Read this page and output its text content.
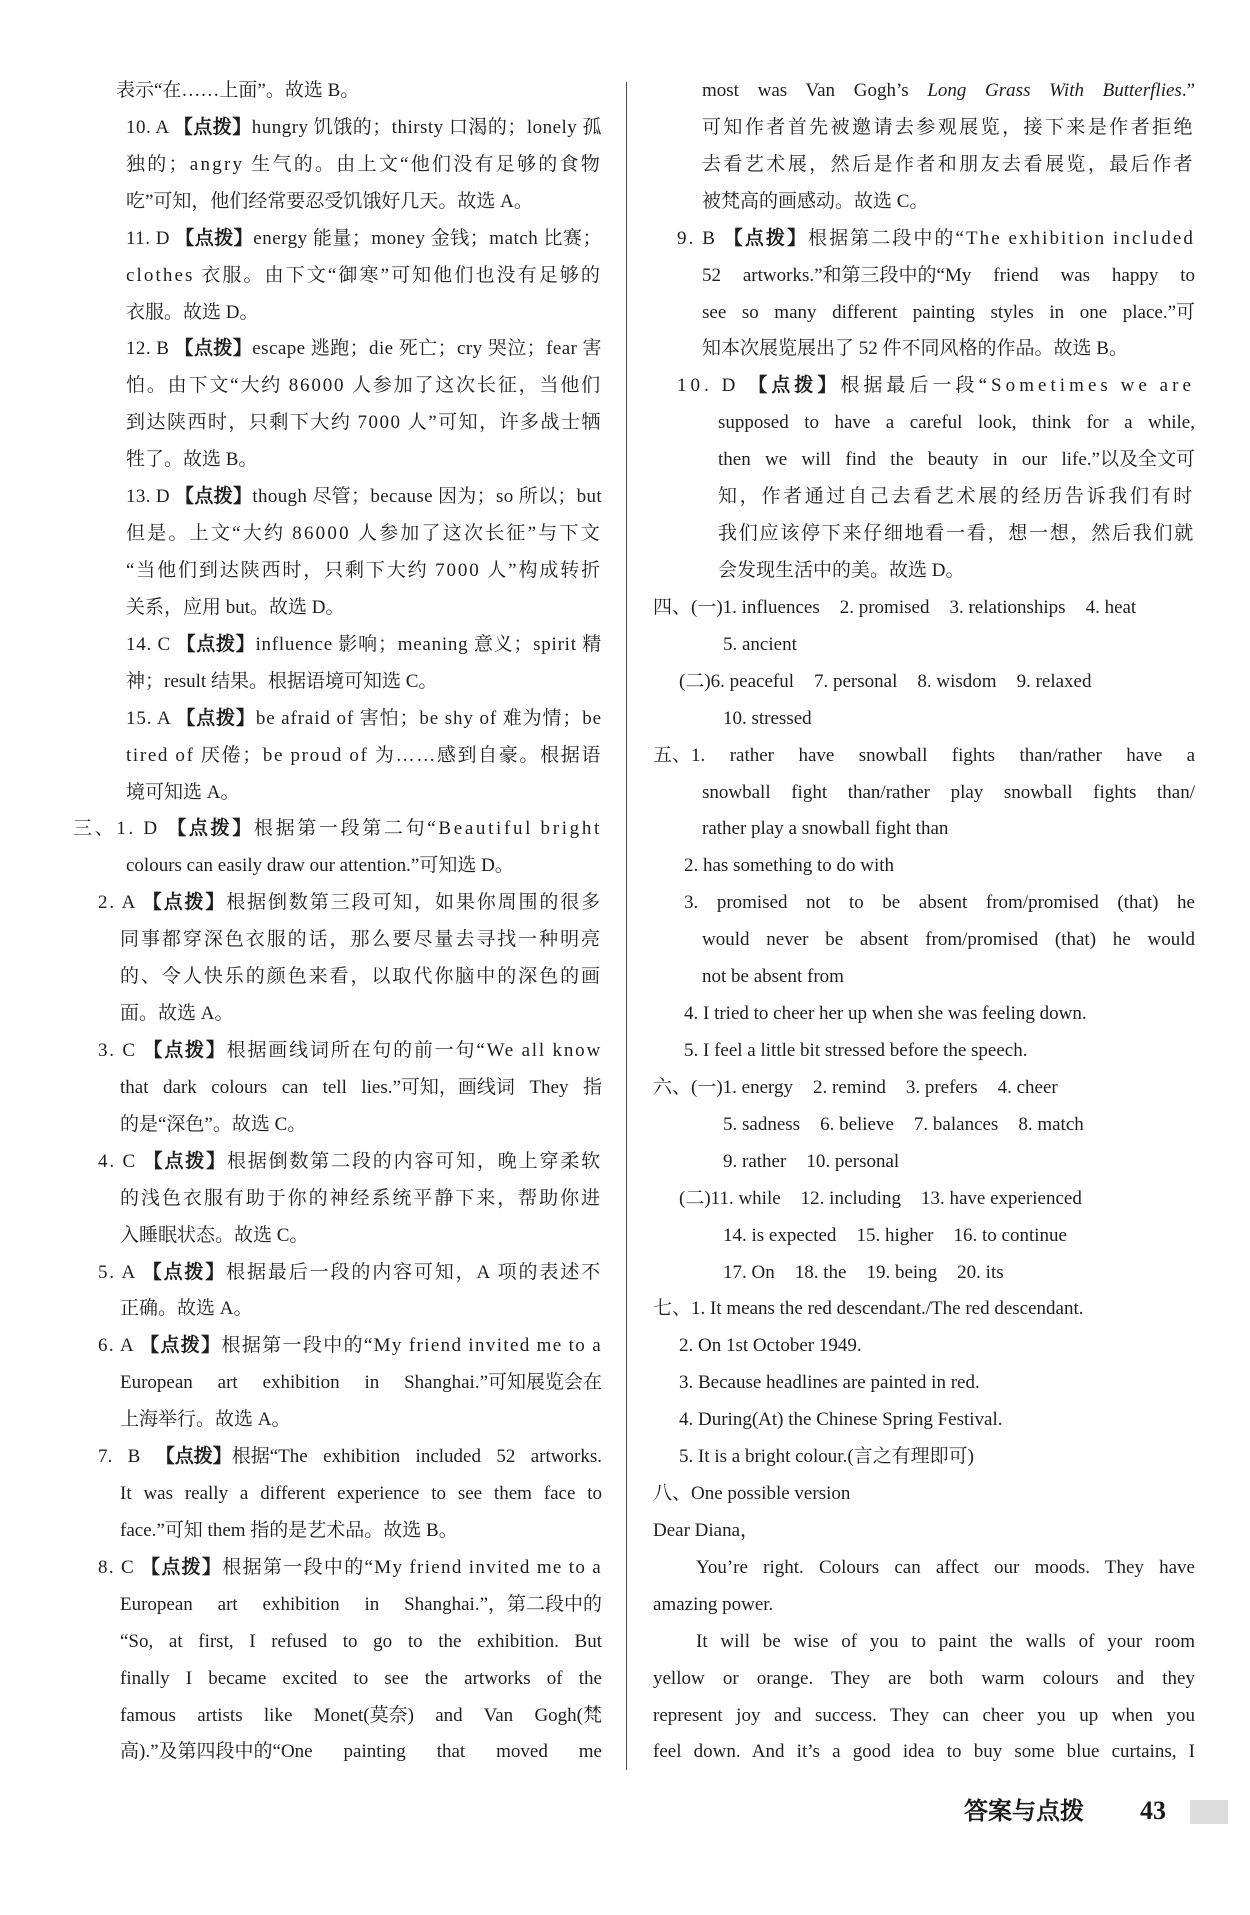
表示“在……上面”。故选 B。
10. A 【点拨】hungry 饥饿的；thirsty 口渴的；lonely 孤
独的；angry 生气的。由上文“他们没有足够的食物
吃”可知，他们经常要忍受饥饿好几天。故选 A。
11. D 【点拨】energy 能量；money 金钱；match 比赛；
clothes 衣服。由下文“御寒”可知他们也没有足够的
衣服。故选 D。
12. B 【点拨】escape 逃跑；die 死亡；cry 哭泣；fear 害
怕。由下文“大约 86000 人参加了这次长征，当他们
到达陕西时，只剩下大约 7000 人”可知，许多战士牺
牲了。故选 B。
13. D 【点拨】though 尽管；because 因为；so 所以；but
但是。上文“大约 86000 人参加了这次长征”与下文
“当他们到达陕西时，只剩下大约 7000 人”构成转折
关系，应用 but。故选 D。
14. C 【点拨】influence 影响；meaning 意义；spirit 精
神；result 结果。根据语境可知选 C。
15. A 【点拨】be afraid of 害怕；be shy of 难为情；be
tired of 厌倦；be proud of 为……感到自豪。根据语
境可知选 A。
三、1. D 【点拨】根据第一段第二句“Beautiful bright
colours can easily draw our attention.”可知选 D。
2. A 【点拨】根据倒数第三段可知，如果你周围的很多
同事都穿深色衣服的话，那么要尽量去寻找一种明亮
的、令人快乐的颜色来看，以取代你脑中的深色的画
面。故选 A。
3. C 【点拨】根据画线词所在句的前一句“We all know
that dark colours can tell lies.”可知，画线词 They 指
的是“深色”。故选 C。
4. C 【点拨】根据倒数第二段的内容可知，晚上穿柔软
的浅色衣服有助于你的神经系统平静下来，帮助你进
入睡眠状态。故选 C。
5. A 【点拨】根据最后一段的内容可知，A 项的表述不
正确。故选 A。
6. A 【点拨】根据第一段中的“My friend invited me to a
European art exhibition in Shanghai.”可知展览会在
上海举行。故选 A。
7. B 【点拨】根据“The exhibition included 52 artworks.
It was really a different experience to see them face to
face.”可知 them 指的是艺术品。故选 B。
8. C 【点拨】根据第一段中的“My friend invited me to a
European art exhibition in Shanghai.”，第二段中的
“So, at first, I refused to go to the exhibition. But
finally I became excited to see the artworks of the
famous artists like Monet(莫奈) and Van Gogh(梵
高).”及第四段中的“One painting that moved me
most was Van Gogh’s Long Grass With Butterflies.”
可知作者首先被邀请去参观展览，接下来是作者拒绝
去看艺术展，然后是作者和朋友去看展览，最后作者
被梵高的画感动。故选 C。
9. B 【点拨】根据第二段中的“The exhibition included
52 artworks.”和第三段中的“My friend was happy to
see so many different painting styles in one place.”可
知本次展览展出了 52 件不同风格的作品。故选 B。
10. D 【点拨】根据最后一段“Sometimes we are
supposed to have a careful look, think for a while,
then we will find the beauty in our life.”以及全文可
知，作者通过自己去看艺术展的经历告诉我们有时
我们应该停下来仔细地看一看，想一想，然后我们就
会发现生活中的美。故选 D。
四、(一)1. influences 2. promised 3. relationships 4. heat
5. ancient
(二)6. peaceful 7. personal 8. wisdom 9. relaxed
10. stressed
五、1. rather have snowball fights than/rather have a
snowball fight than/rather play snowball fights than/
rather play a snowball fight than
2. has something to do with
3. promised not to be absent from/promised (that) he
would never be absent from/promised (that) he would
not be absent from
4. I tried to cheer her up when she was feeling down.
5. I feel a little bit stressed before the speech.
六、(一)1. energy 2. remind 3. prefers 4. cheer
5. sadness 6. believe 7. balances 8. match
9. rather 10. personal
(二)11. while 12. including 13. have experienced
14. is expected 15. higher 16. to continue
17. On 18. the 19. being 20. its
七、1. It means the red descendant./The red descendant.
2. On 1st October 1949.
3. Because headlines are painted in red.
4. During(At) the Chinese Spring Festival.
5. It is a bright colour.(言之有理即可)
八、One possible version
Dear Diana，
You’re right. Colours can affect our moods. They have
amazing power.
It will be wise of you to paint the walls of your room
yellow or orange. They are both warm colours and they
represent joy and success. They can cheer you up when you
feel down. And it’s a good idea to buy some blue curtains, I
答案与点拨 43
